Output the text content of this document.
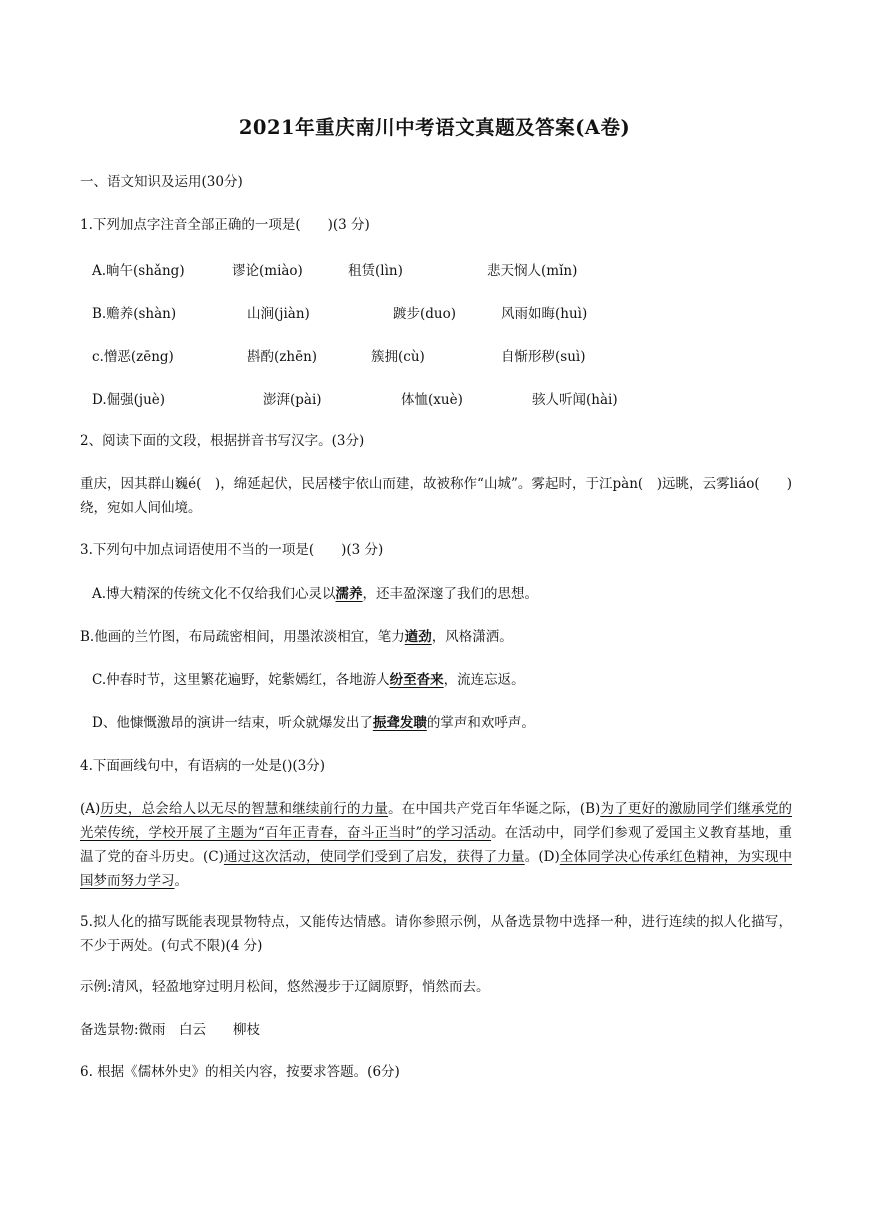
2021年重庆南川中考语文真题及答案(A卷)
一、语文知识及运用(30分)
1.下列加点字注音全部正确的一项是(　　)(3 分)
A.晌午(shǎng)	谬论(miào)	租赁(lìn)	悲天悯人(mǐn)
B.赡养(shàn)	山涧(jiàn)	踱步(duo)	风雨如晦(huì)
c.憎恶(zēng)	斟酌(zhēn)	簇拥(cù)	自惭形秽(suì)
D.倔强(juè)	澎湃(pài)	体恤(xuè)	骇人听闻(hài)
2、阅读下面的文段，根据拼音书写汉字。(3分)
重庆，因其群山巍é(　)，绵延起伏，民居楼宇依山而建，故被称作“山城”。雾起时，于江pàn(　)远眺，云雾liáo(　　)绕，宛如人间仙境。
3.下列句中加点词语使用不当的一项是(　　)(3 分)
A.博大精深的传统文化不仅给我们心灵以濡养，还丰盈深邃了我们的思想。
B.他画的兰竹图，布局疏密相间，用墨浓淡相宜，笔力遒劲，风格潇洒。
C.仲春时节，这里繁花遍野，姹紫嫣红，各地游人纷至沓来，流连忘返。
D、他慷慨激昂的演讲一结束，听众就爆发出了振聋发聩的掌声和欢呼声。
4.下面画线句中，有语病的一处是()(3分)
(A)历史，总会给人以无尽的智慧和继续前行的力量。在中国共产党百年华诞之际，(B)为了更好的激励同学们继承党的光荣传统，学校开展了主题为“百年正青春，奋斗正当时”的学习活动。在活动中，同学们参观了爱国主义教育基地，重温了党的奋斗历史。(C)通过这次活动，使同学们受到了启发，获得了力量。(D)全体同学决心传承红色精神，为实现中国梦而努力学习。
5.拟人化的描写既能表现景物特点，又能传达情感。请你参照示例，从备选景物中选择一种，进行连续的拟人化描写，不少于两处。(句式不限)(4 分)
示例:清风，轻盈地穿过明月松间，悠然漫步于辽阔原野，悄然而去。
备选景物:微雨　白云　　柳枝
6. 根据《儒林外史》的相关内容，按要求答题。(6分)
